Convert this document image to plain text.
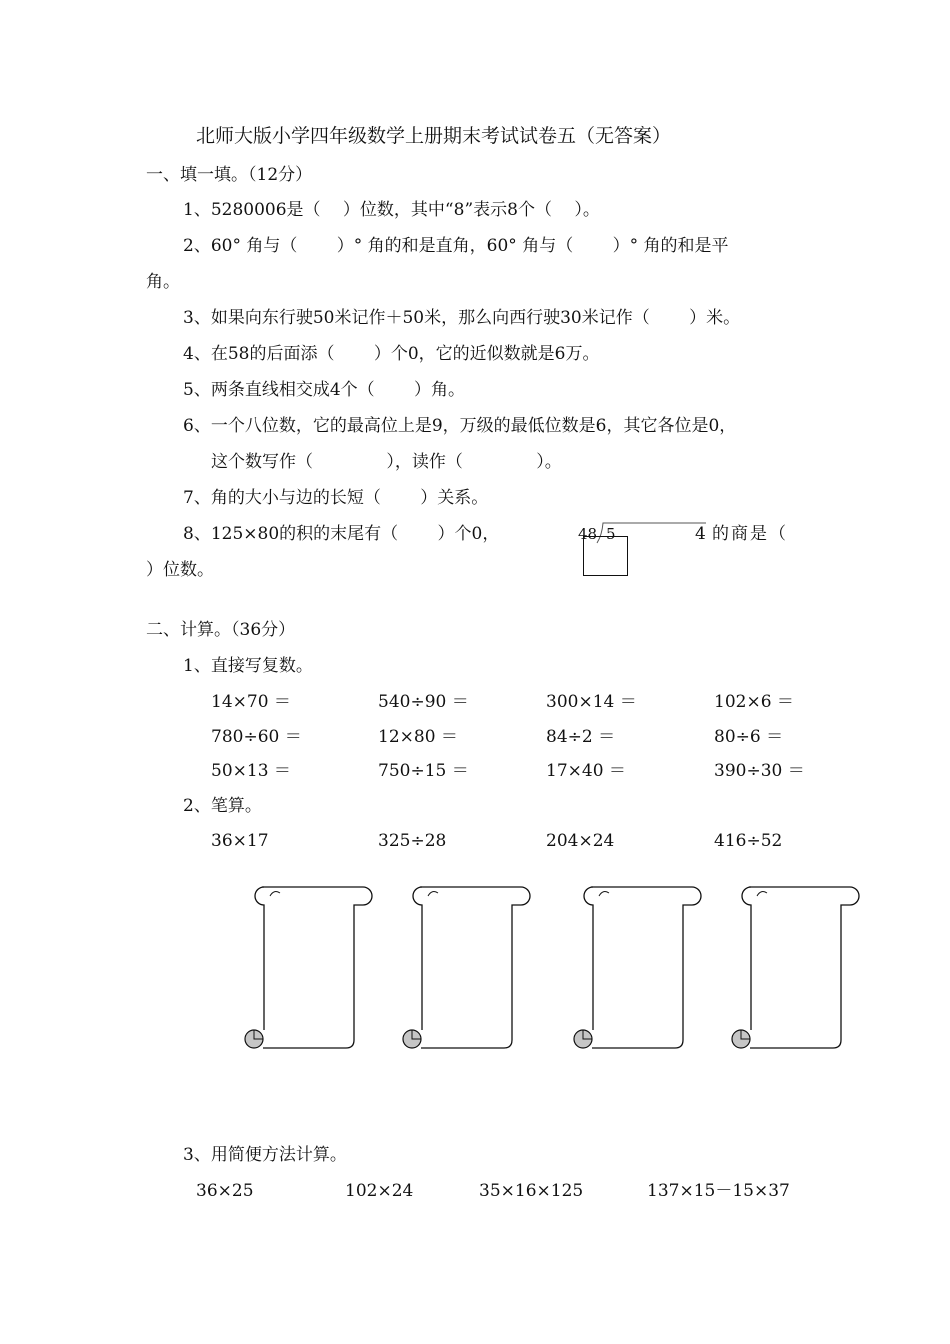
北师大版小学四年级数学上册期末考试试卷五（无答案）
一、填一填。（12分）
1、5280006是（　 ）位数，其中“8”表示8个（　 ）。
2、60° 角与（　　 ）° 角的和是直角，60° 角与（　　 ）° 角的和是平
角。
3、如果向东行驶50米记作＋50米，那么向西行驶30米记作（　　 ）米。
4、在58的后面添（　　 ）个0，它的近似数就是6万。
5、两条直线相交成4个（　　 ）角。
6、一个八位数，它的最高位上是9，万级的最低位数是6，其它各位是0，
这个数写作（　　　　 ），读作（　　　　 ）。
7、角的大小与边的长短（　　 ）关系。
8、125×80的积的末尾有（　　 ）个0，	48 5	4 的商是（
）位数。
二、计算。（36分）
1、直接写复数。
14×70 ＝	540÷90 ＝	300×14 ＝	102×6 ＝
780÷60 ＝	12×80 ＝	84÷2 ＝	80÷6 ＝
50×13 ＝	750÷15 ＝	17×40 ＝	390÷30 ＝
2、笔算。
36×17	325÷28	204×24	416÷52
3、用简便方法计算。
36×25	102×24	35×16×125	137×15－15×37
